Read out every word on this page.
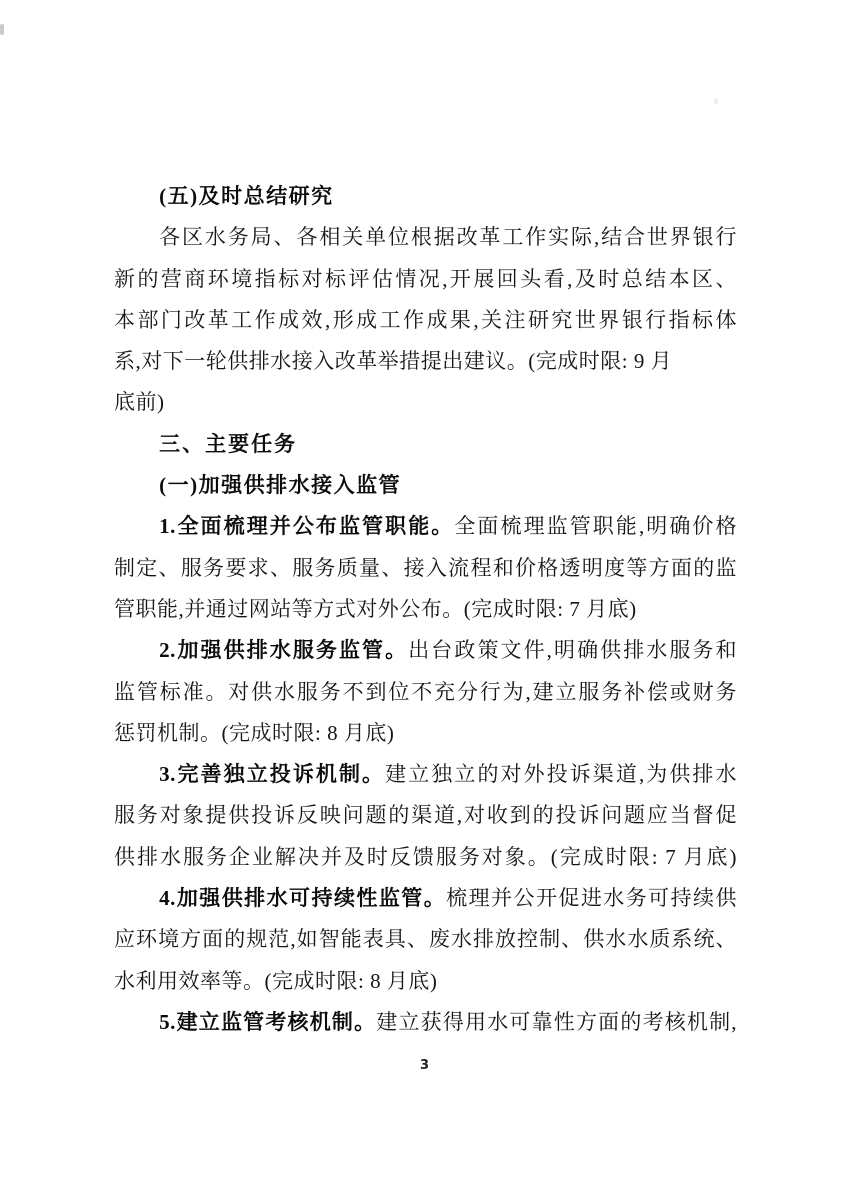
(五)及时总结研究
各区水务局、各相关单位根据改革工作实际,结合世界银行
新的营商环境指标对标评估情况,开展回头看,及时总结本区、
本部门改革工作成效,形成工作成果,关注研究世界银行指标体
系,对下一轮供排水接入改革举措提出建议。(完成时限: 9 月
底前)
三、主要任务
(一)加强供排水接入监管
1.全面梳理并公布监管职能。全面梳理监管职能,明确价格
制定、服务要求、服务质量、接入流程和价格透明度等方面的监
管职能,并通过网站等方式对外公布。(完成时限: 7 月底)
2.加强供排水服务监管。出台政策文件,明确供排水服务和
监管标准。对供水服务不到位不充分行为,建立服务补偿或财务
惩罚机制。(完成时限: 8 月底)
3.完善独立投诉机制。建立独立的对外投诉渠道,为供排水
服务对象提供投诉反映问题的渠道,对收到的投诉问题应当督促
供排水服务企业解决并及时反馈服务对象。(完成时限: 7 月底)
4.加强供排水可持续性监管。梳理并公开促进水务可持续供
应环境方面的规范,如智能表具、废水排放控制、供水水质系统、
水利用效率等。(完成时限: 8 月底)
5.建立监管考核机制。建立获得用水可靠性方面的考核机制,
3
